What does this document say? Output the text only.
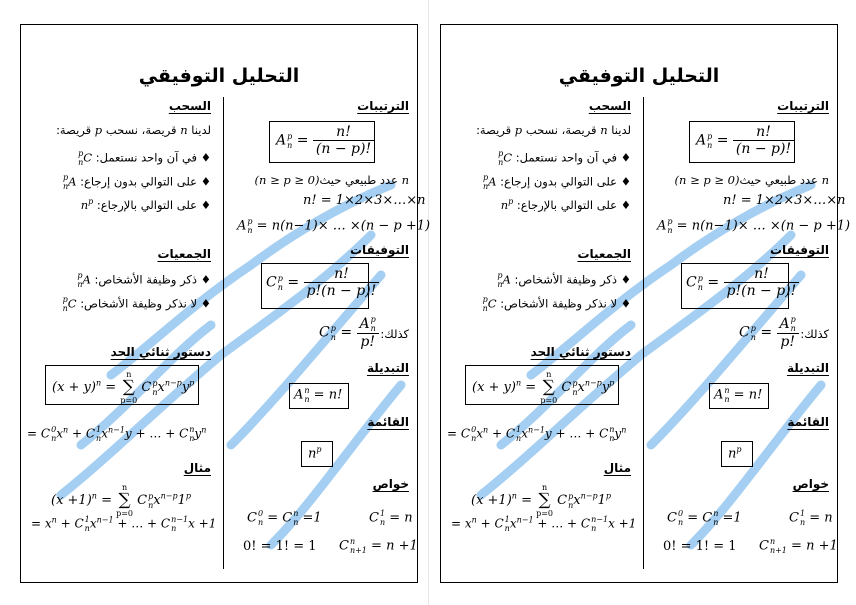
التحليل التوفيقي
الترتيبات
Ap
$n = \frac{n!}{(n - p)!}$
n عدد طبيعي حيث(n ≥ p ≥ 0)
n! = 1×2×3×…×n
Ap
n = n(n−1)× … ×(n − p +1)
التوفيقات
Cp
$n = \frac{n!}{p!(n - p)!}$
كذلك:
Cp
n =
Ap
n
p!
التبديلة
An
n = n!
القائمة
$n^p$
خواص
C0
n = Cn
n =1	C1
n = n
0! = 1! = 1 Cn
n+1 = n +1
السحب
لدينا n قريصة، نسحب p قريصة:
♦ في آن واحد نستعمل: Cp
n
♦ على التوالي بدون إرجاع: Ap
n
♦ على التوالي بالإرجاع: $n^p$
الجمعيات
♦ ذكر وظيفة الأشخاص: Ap
n
♦ لا نذكر وظيفة الأشخاص: Cp
n
دستور ثنائي الحد
$(x + y)^n = n$
∑
p=0 Cp
$nx^{n-p}y^p$
= C0
$nx^n + C1$
$nx^{n-1}y$ + … + Cn
$ny^n$
مثال
$(x +1)^n = n$
∑
p=0 Cp
$nx^{n-p}1^p$
= $x^n + C1$
$nx^{n-1}$ + … + Cn−1
n x +1
التحليل التوفيقي
الترتيبات
Ap
$n = \frac{n!}{(n - p)!}$
n عدد طبيعي حيث(n ≥ p ≥ 0)
n! = 1×2×3×…×n
Ap
n = n(n−1)× … ×(n − p +1)
التوفيقات
Cp
$n = \frac{n!}{p!(n - p)!}$
كذلك:
Cp
n =
Ap
n
p!
التبديلة
An
n = n!
القائمة
$n^p$
خواص
C0
n = Cn
n =1	C1
n = n
0! = 1! = 1 Cn
n+1 = n +1
السحب
لدينا n قريصة، نسحب p قريصة:
♦ في آن واحد نستعمل: Cp
n
♦ على التوالي بدون إرجاع: Ap
n
♦ على التوالي بالإرجاع: $n^p$
الجمعيات
♦ ذكر وظيفة الأشخاص: Ap
n
♦ لا نذكر وظيفة الأشخاص: Cp
n
دستور ثنائي الحد
$(x + y)^n = n$
∑
p=0 Cp
$nx^{n-p}y^p$
= C0
$nx^n + C1$
$nx^{n-1}y$ + … + Cn
$ny^n$
مثال
$(x +1)^n = n$
∑
p=0 Cp
$nx^{n-p}1^p$
= $x^n + C1$
$nx^{n-1}$ + … + Cn−1
n x +1
